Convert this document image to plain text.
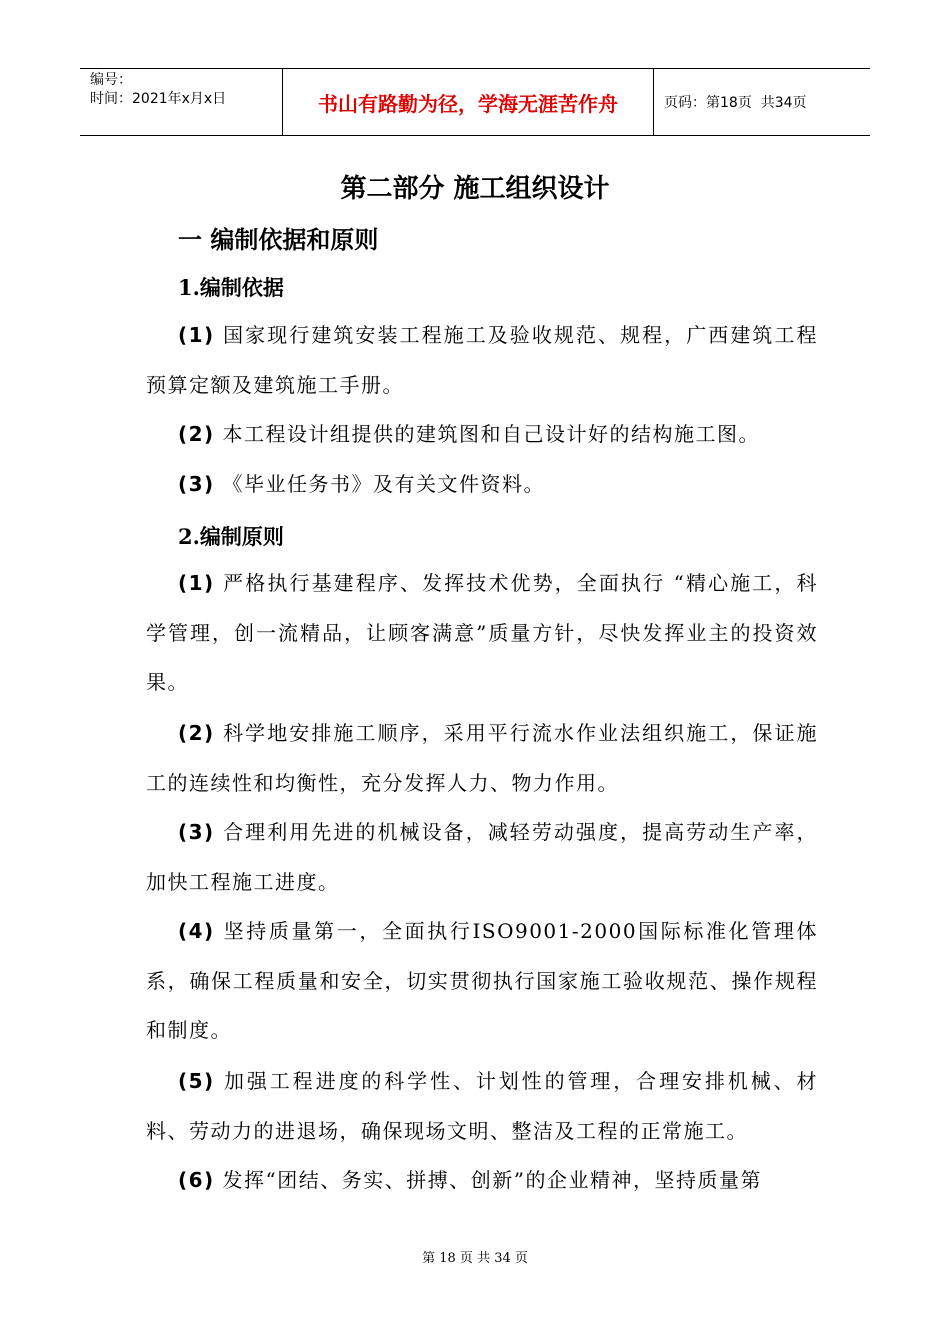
编号：
时间：2021年x月x日	书山有路勤为径，学海无涯苦作舟	页码：第18页  共34页
第二部分 施工组织设计
一 编制依据和原则
1.编制依据

(1) 国家现行建筑安装工程施工及验收规范、规程，广西建筑工程预算定额及建筑施工手册。

(2) 本工程设计组提供的建筑图和自己设计好的结构施工图。

(3) 《毕业任务书》及有关文件资料。

2.编制原则

(1) 严格执行基建程序、发挥技术优势，全面执行 “精心施工，科学管理，创一流精品，让顾客满意”质量方针，尽快发挥业主的投资效果。

(2) 科学地安排施工顺序，采用平行流水作业法组织施工，保证施工的连续性和均衡性，充分发挥人力、物力作用。

(3) 合理利用先进的机械设备，减轻劳动强度，提高劳动生产率，加快工程施工进度。

(4) 坚持质量第一，全面执行ISO9001-2000国际标准化管理体系，确保工程质量和安全，切实贯彻执行国家施工验收规范、操作规程和制度。

(5) 加强工程进度的科学性、计划性的管理，合理安排机械、材料、劳动力的进退场，确保现场文明、整洁及工程的正常施工。

(6) 发挥“团结、务实、拼搏、创新”的企业精神，坚持质量第

第 18 页 共 34 页
